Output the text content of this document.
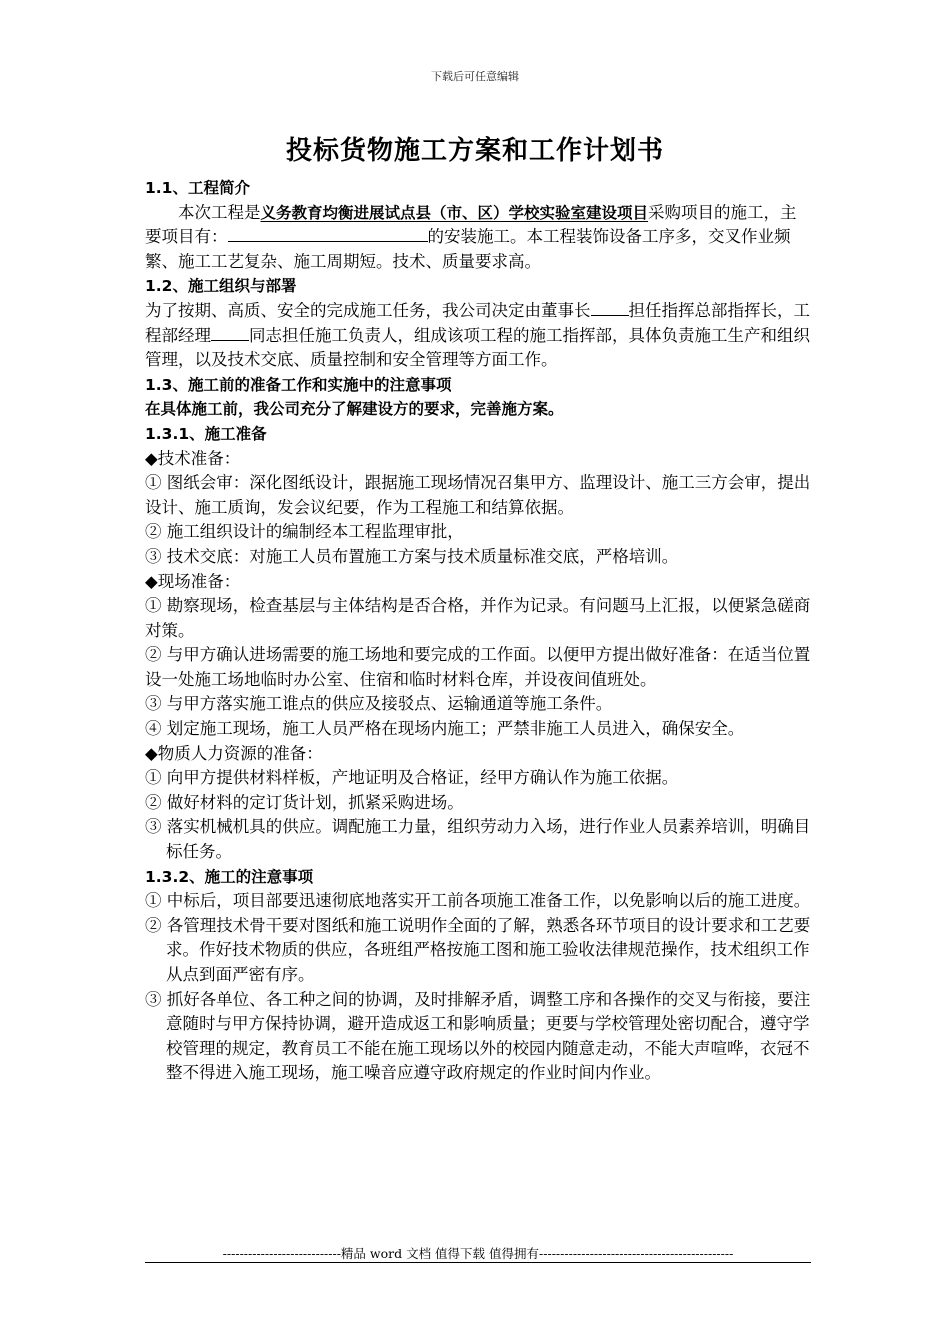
下载后可任意编辑
投标货物施工方案和工作计划书

1.1、工程简介

本次工程是义务教育均衡进展试点县（市、区）学校实验室建设项目采购项目的施工，主要项目有：	的安装施工。本工程装饰设备工序多，交叉作业频繁、施工工艺复杂、施工周期短。技术、质量要求高。

1.2、施工组织与部署

为了按期、高质、安全的完成施工任务，我公司决定由董事长 担任指挥总部指挥长，工程部经理 同志担任施工负责人，组成该项工程的施工指挥部，具体负责施工生产和组织管理，以及技术交底、质量控制和安全管理等方面工作。

1.3、施工前的准备工作和实施中的注意事项

在具体施工前，我公司充分了解建设方的要求，完善施方案。

1.3.1、施工准备

◆技术准备：

① 图纸会审：深化图纸设计，跟据施工现场情况召集甲方、监理设计、施工三方会审，提出设计、施工质询，发会议纪要，作为工程施工和结算依据。

② 施工组织设计的编制经本工程监理审批，

③ 技术交底：对施工人员布置施工方案与技术质量标准交底，严格培训。

◆现场准备：

① 勘察现场，检查基层与主体结构是否合格，并作为记录。有问题马上汇报，以便紧急磋商对策。

② 与甲方确认进场需要的施工场地和要完成的工作面。以便甲方提出做好准备：在适当位置设一处施工场地临时办公室、住宿和临时材料仓库，并设夜间值班处。

③ 与甲方落实施工谁点的供应及接驳点、运输通道等施工条件。

④ 划定施工现场，施工人员严格在现场内施工；严禁非施工人员进入，确保安全。

◆物质人力资源的准备：

① 向甲方提供材料样板，产地证明及合格证，经甲方确认作为施工依据。

② 做好材料的定订货计划，抓紧采购进场。

③ 落实机械机具的供应。调配施工力量，组织劳动力入场，进行作业人员素养培训，明确目标任务。

1.3.2、施工的注意事项

① 中标后，项目部要迅速彻底地落实开工前各项施工准备工作，以免影响以后的施工进度。

② 各管理技术骨干要对图纸和施工说明作全面的了解，熟悉各环节项目的设计要求和工艺要求。作好技术物质的供应，各班组严格按施工图和施工验收法律规范操作，技术组织工作从点到面严密有序。

③ 抓好各单位、各工种之间的协调，及时排解矛盾，调整工序和各操作的交叉与衔接，要注意随时与甲方保持协调，避开造成返工和影响质量；更要与学校管理处密切配合，遵守学校管理的规定，教育员工不能在施工现场以外的校园内随意走动，不能大声喧哗，衣冠不整不得进入施工现场，施工噪音应遵守政府规定的作业时间内作业。

----------------------------精品 word 文档 值得下载 值得拥有----------------------------------------------
